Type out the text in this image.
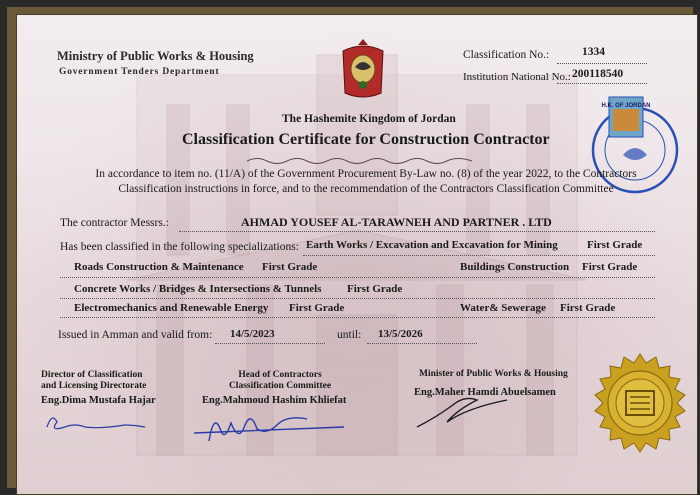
Ministry of Public Works & Housing
Government Tenders Department
Classification No.:	1334
Institution National No.: 200118540
H.K. OF JORDAN
The Hashemite Kingdom of Jordan
Classification Certificate for Construction Contractor
In accordance to item no. (11/A) of the Government Procurement By-Law no. (8) of the year 2022, to the Contractors Classification instructions in force, and to the recommendation of the Contractors Classification Committee
The contractor Messrs.:	AHMAD YOUSEF AL-TARAWNEH AND PARTNER . LTD
Has been classified in the following specializations: Earth Works / Excavation and Excavation for Mining	First Grade
Roads Construction & Maintenance First Grade	Buildings Construction First Grade
Concrete Works / Bridges & Intersections & Tunnels First Grade
Electromechanics and Renewable Energy First Grade	Water& Sewerage First Grade
Issued in Amman and valid from: 14/5/2023	until: 13/5/2026
Director of Classification
and Licensing Directorate
Eng.Dima Mustafa Hajar
Head of Contractors
Classification Committee
Eng.Mahmoud Hashim Khliefat
Minister of Public Works & Housing
Eng.Maher Hamdi Abuelsamen
